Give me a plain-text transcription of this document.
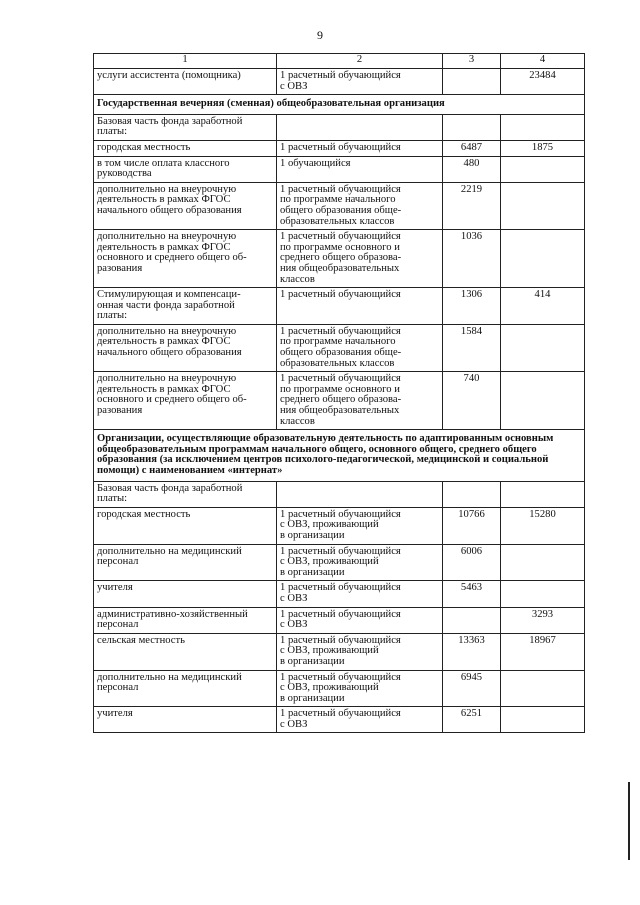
9
1	2	3	4
услуги ассистента (помощника)	1 расчетный обучающийся
с ОВЗ		23484
Государственная вечерняя (сменная) общеобразовательная организация			
Базовая часть фонда заработной
платы:			
городская местность	1 расчетный обучающийся	6487	1875
в том числе оплата классного
руководства	1 обучающийся	480	
дополнительно на внеурочную
деятельность в рамках ФГОС
начального общего образования	1 расчетный обучающийся
по программе начального
общего образования обще-
образовательных классов	2219	
дополнительно на внеурочную
деятельность в рамках ФГОС
основного и среднего общего об-
разования	1 расчетный обучающийся
по программе основного и
среднего общего образова-
ния общеобразовательных
классов	1036	
Стимулирующая и компенсаци-
онная части фонда заработной
платы:	1 расчетный обучающийся	1306	414
дополнительно на внеурочную
деятельность в рамках ФГОС
начального общего образования	1 расчетный обучающийся
по программе начального
общего образования обще-
образовательных классов	1584	
дополнительно на внеурочную
деятельность в рамках ФГОС
основного и среднего общего об-
разования	1 расчетный обучающийся
по программе основного и
среднего общего образова-
ния общеобразовательных
классов	740	
Организации, осуществляющие образовательную деятельность по адаптированным основным общеобразовательным программам начального общего, основного общего, среднего общего образования (за исключением центров психолого-педагогической, медицинской и социальной помощи) с наименованием «интернат»			
Базовая часть фонда заработной
платы:			
городская местность	1 расчетный обучающийся
с ОВЗ, проживающий
в организации	10766	15280
дополнительно на медицинский
персонал	1 расчетный обучающийся
с ОВЗ, проживающий
в организации	6006	
учителя	1 расчетный обучающийся
с ОВЗ	5463	
административно-хозяйственный
персонал	1 расчетный обучающийся
с ОВЗ		3293
сельская местность	1 расчетный обучающийся
с ОВЗ, проживающий
в организации	13363	18967
дополнительно на медицинский
персонал	1 расчетный обучающийся
с ОВЗ, проживающий
в организации	6945	
учителя	1 расчетный обучающийся
с ОВЗ	6251	
